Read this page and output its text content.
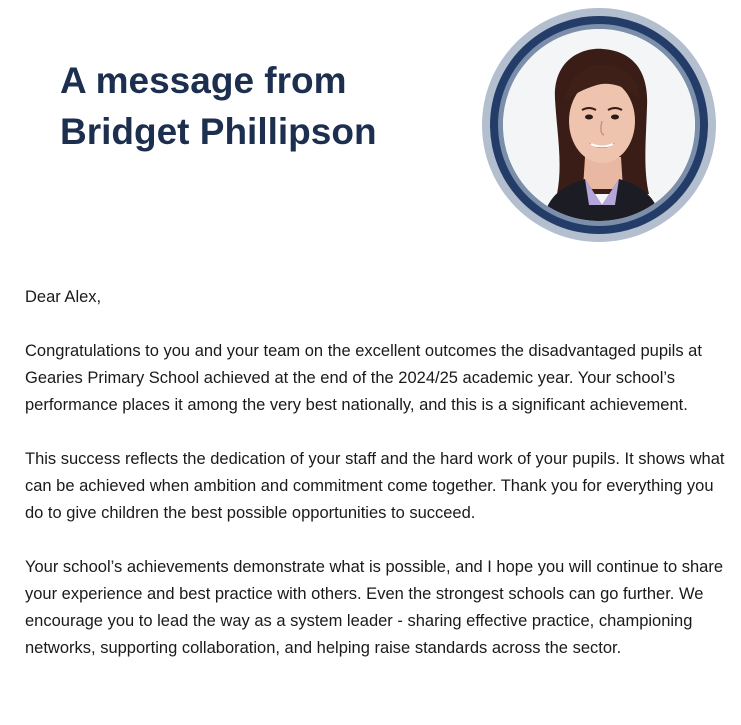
A message from
Bridget Phillipson

Dear Alex,

Congratulations to you and your team on the excellent outcomes the disadvantaged pupils at Gearies Primary School achieved at the end of the 2024/25 academic year. Your school’s performance places it among the very best nationally, and this is a significant achievement.

This success reflects the dedication of your staff and the hard work of your pupils. It shows what can be achieved when ambition and commitment come together. Thank you for everything you do to give children the best possible opportunities to succeed.

Your school’s achievements demonstrate what is possible, and I hope you will continue to share your experience and best practice with others. Even the strongest schools can go further. We encourage you to lead the way as a system leader - sharing effective practice, championing networks, supporting collaboration, and helping raise standards across the sector.
